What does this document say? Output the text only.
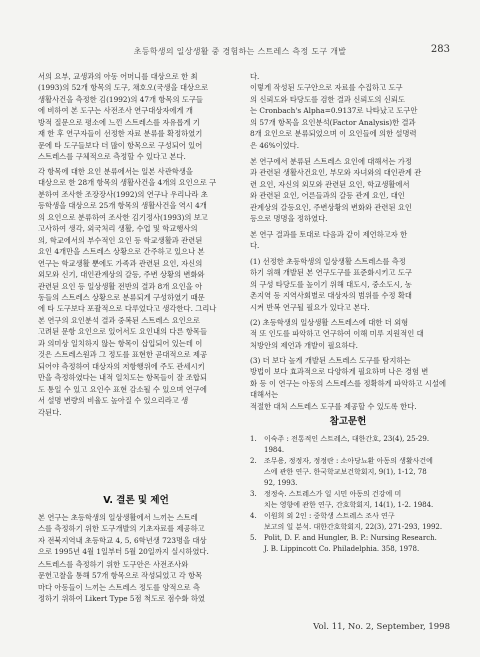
초등학생의 일상생활 중 경험하는 스트레스 측정 도구 개발	283

서의 요부, 교생과의 아동 어머니를 대상으로 한 최
(1993)의 52개 항목의 도구, 채호오(국생을 대상으로
생활사건을 측정한 김(1992)의 47개 항목의 도구들
에 비하여 본 도구는 사전조사 연구대상자에게 개
방적 질문으로 평소에 느낀 스트레스를 자유롭게 기
재 한 후 연구자들이 선정한 자료 분류를 확정하였기
문에 타 도구들보다 더 많이 항목으로 구성되어 있어
스트레스를 구체적으로 측정할 수 있다고 본다.

각 항목에 대한 요인 분류에서는 일본 사관학생을
대상으로 한 28개 항목의 생활사건을 4개의 요인으로 구
분하여 조사한 조장장사(1992)의 연구나 우리나라 초
등학생을 대상으로 25개 항목의 생활사건을 역시 4개
의 요인으로 분류하여 조사한 김기정사(1993)의 보고
고사하여 생각, 외국처리 생활, 수업 및 학교행사의
의, 학교에서의 부수적인 요인 등 학교생활과 관련된
요인 4개만을 스트레스 상황으로 간주하고 있으나 본
연구는 학교생활 뿐에도 가족과 관련된 요인, 자신의
외모와 신기, 대인관계상의 갈등, 주변 상황의 변화와
관련된 요인 등 일상생활 전반의 결과 8개 요인을 아
동들의 스트레스 상황으로 분류되게 구성하였기 때문
에 타 도구보다 포괄적으로 다루었다고 생각한다. 그리나
본 연구의 요인분석 결과 중복된 스트레스 요인으로
고려된 문항 요인으로 있어서도 요인내의 다른 항목들
과 의미상 일치하지 않는 항목이 삽입되어 있는데 이
것은 스트레스원과 그 정도를 표현한 곧대적으로 제공
되어야 측정하여 대상자의 저항행위에 주도 관세시키
만을 측정하였다는 내적 일치도는 항목들이 잘 조합되
도 통일 수 있고 요인수 표현 감소될 수 있으며 연구에
서 설명 변량의 비율도 높아질 수 있으리라고 생
각된다.

V. 결론 및 제언

본 연구는 초등학생의 일상생활에서 느끼는 스트레
스를 측정하기 위한 도구개발의 기초자료를 제공하고
자 전북지역내 초등학교 4, 5, 6학년생 723명을 대상
으로 1995년 4월 1일부터 5월 20일까지 실시하였다.

스트레스를 측정하기 위한 도구안은 사전조사와
문헌고찰을 통해 57개 항목으로 작성되었고 각 항목
마다 아동들이 느끼는 스트레스 정도를 양적으로 측
정하기 위하여 Likert Type 5점 척도로 점수화 하였

다.
이렇게 작성된 도구안으로 자료를 수집하고 도구
의 신뢰도와 타당도를 검한 결과 신뢰도의 신뢰도
는 Cronbach's Alpha=0.9137로 나타났고 도구안
의 57개 항목을 요인분석(Factor Analysis)한 결과
8개 요인으로 분류되었으며 이 요인들에 의한 설명력
은 46%이었다.

본 연구에서 분류된 스트레스 요인에 대해서는 가정
과 관련된 생활사건요인, 부모와 자녀와의 대인관계 관
련 요인, 자신의 외모와 관련된 요인, 학교생활에서
와 관련된 요인, 어른들과의 갈등 관계 요인, 대인
관계상의 갈등요인, 주변상황의 변화와 관련된 요인
등으로 명명을 정하였다.

본 연구 결과를 토대로 다음과 같이 제언하고자 한
다.

(1) 선정한 초등학생의 일상생활 스트레스를 측정
하기 위해 개발된 본 연구도구를 표준화시키고 도구
의 구성 타당도를 높이기 위해 대도시, 중소도시, 농
촌지역 등 지역사회별로 대상자의 범위를 수정 확대
시켜 반복 연구될 필요가 있다고 본다.

(2) 초등학생의 일상생활 스트레스에 대한 더 외형
적 또 인도를 파악하고 연구하여 이해 미루 지원적인 대
처방안의 제언과 개발이 필요하다.

(3) 더 보다 높게 개발된 스트레스 도구를 탐지하는
방법이 보다 효과적으로 다양하게 필요하며 나은 경험 변
화 등 이 연구는 아동의 스트레스를 정확하게 파악하고 시설에 대해서는
적절한 대처 스트레스 도구를 제공할 수 있도록 한다.

참고문헌
1.	이숙주 : 전통적인 스트레스, 대한간호, 23(4), 25-29.
1984.
2.	조무용, 정정자, 정정란 : 소아당뇨환 아동의 생활사건에
스에 관한 연구. 한국학교보건학회지, 9(1), 1-12, 78
92, 1993.
3.	정정숙. 스트레스가 일 시민 아동의 건강에 미
치는 영향에 관한 연구, 간호학회지, 14(1), 1-2. 1984.
4.	이원희 외 2인 : 중학생 스트레스 조사 연구
보고의 일 분석. 대한간호학회지, 22(3), 271-293, 1992.
5.	Polit, D. F. and Hungler, B. P.: Nursing Research.
J. B. Lippincott Co. Philadelphia. 358, 1978.
Vol. 11, No. 2, September, 1998
